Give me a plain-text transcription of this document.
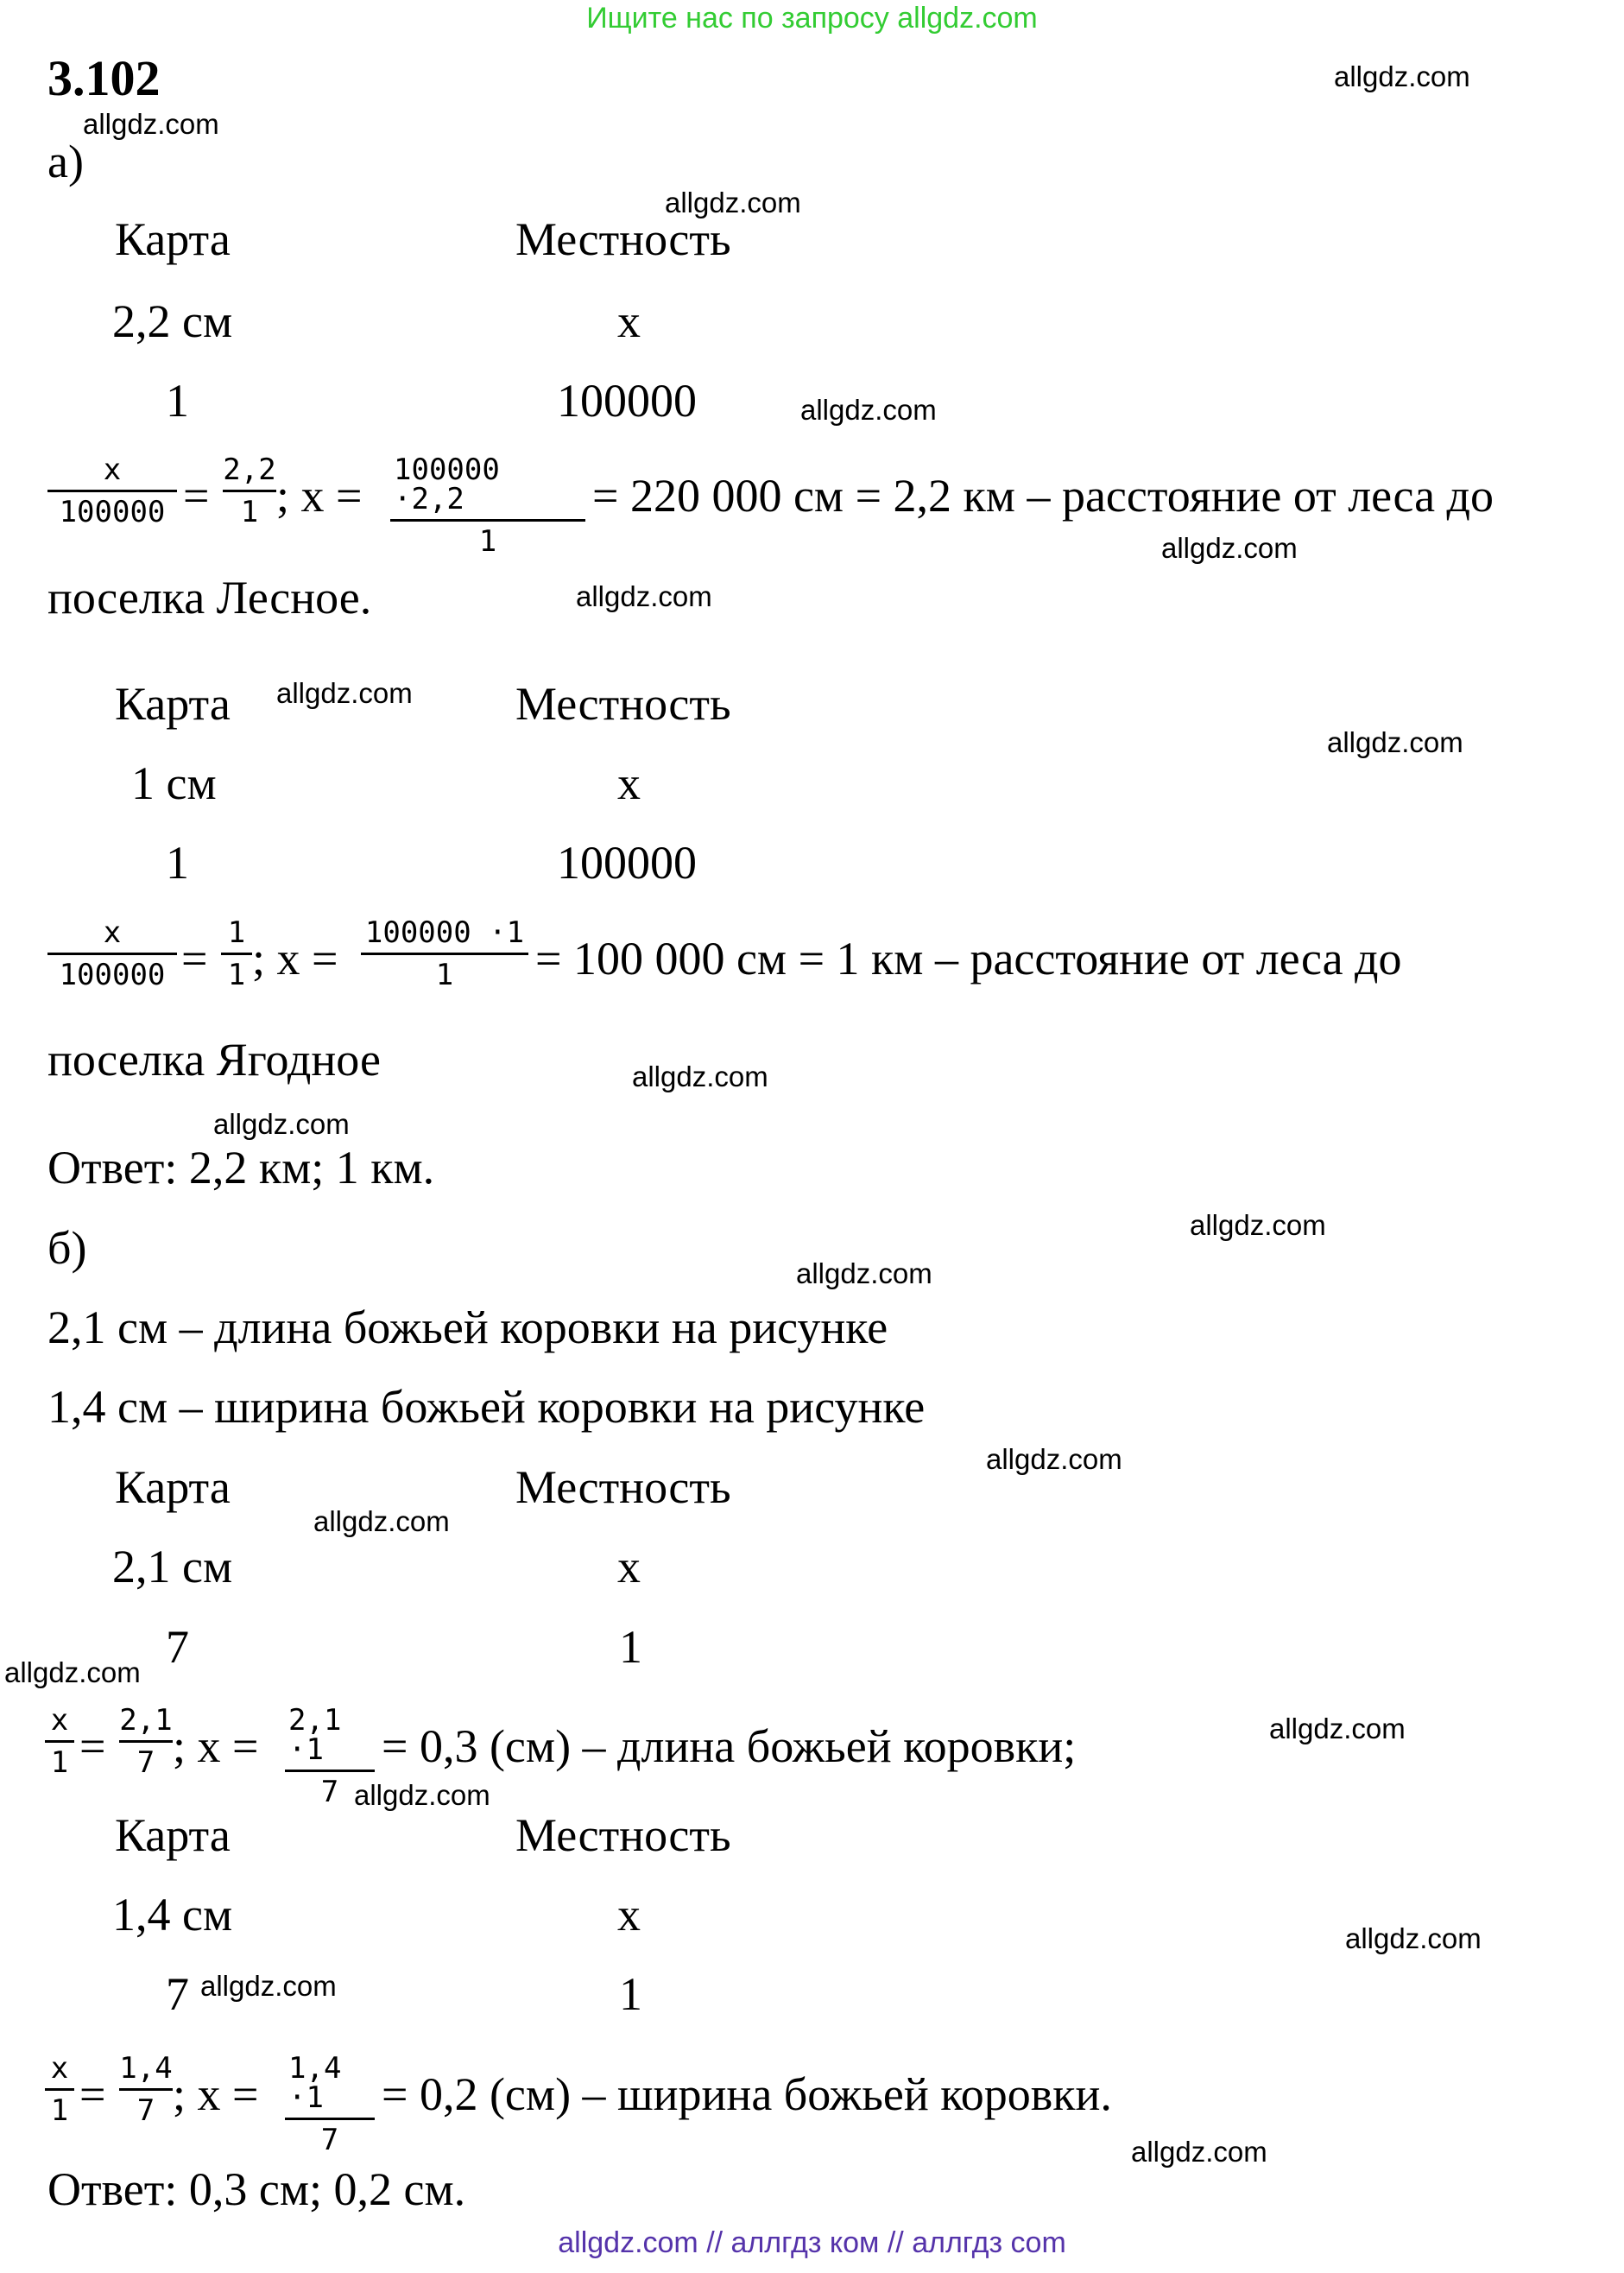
Ищите нас по запросу allgdz.com
3.102
а)
Карта	Местность
2,2 см	x
1	100000
x
100000 = 2,2
1 ; x = 100000 ·2,2
1
= 220 000 см = 2,2 км – расстояние от леса до
поселка Лесное.
Карта	Местность
1 см	x
1	100000
x
100000 = 1
1 ; x = 100000 ·1
1 = 100 000 см = 1 км – расстояние от леса до
поселка Ягодное
Ответ: 2,2 км; 1 км.
б)
2,1 см – длина божьей коровки на рисунке
1,4 см – ширина божьей коровки на рисунке
Карта	Местность
2,1 см	x
7	1
x
1 = 2,1
7 ; x = 2,1 ·1
7
= 0,3 (см) – длина божьей коровки;
Карта	Местность
1,4 см	x
7	1
x
1 = 1,4
7 ; x = 1,4 ·1
7
= 0,2 (см) – ширина божьей коровки.
Ответ: 0,3 см; 0,2 см.
allgdz.com
allgdz.com
allgdz.com
allgdz.com
allgdz.com
allgdz.com
allgdz.com
allgdz.com
allgdz.com
allgdz.com
allgdz.com
allgdz.com
allgdz.com
allgdz.com
allgdz.com
allgdz.com
allgdz.com
allgdz.com
allgdz.com
allgdz.com
allgdz.com // аллгдз ком // аллгдз com
